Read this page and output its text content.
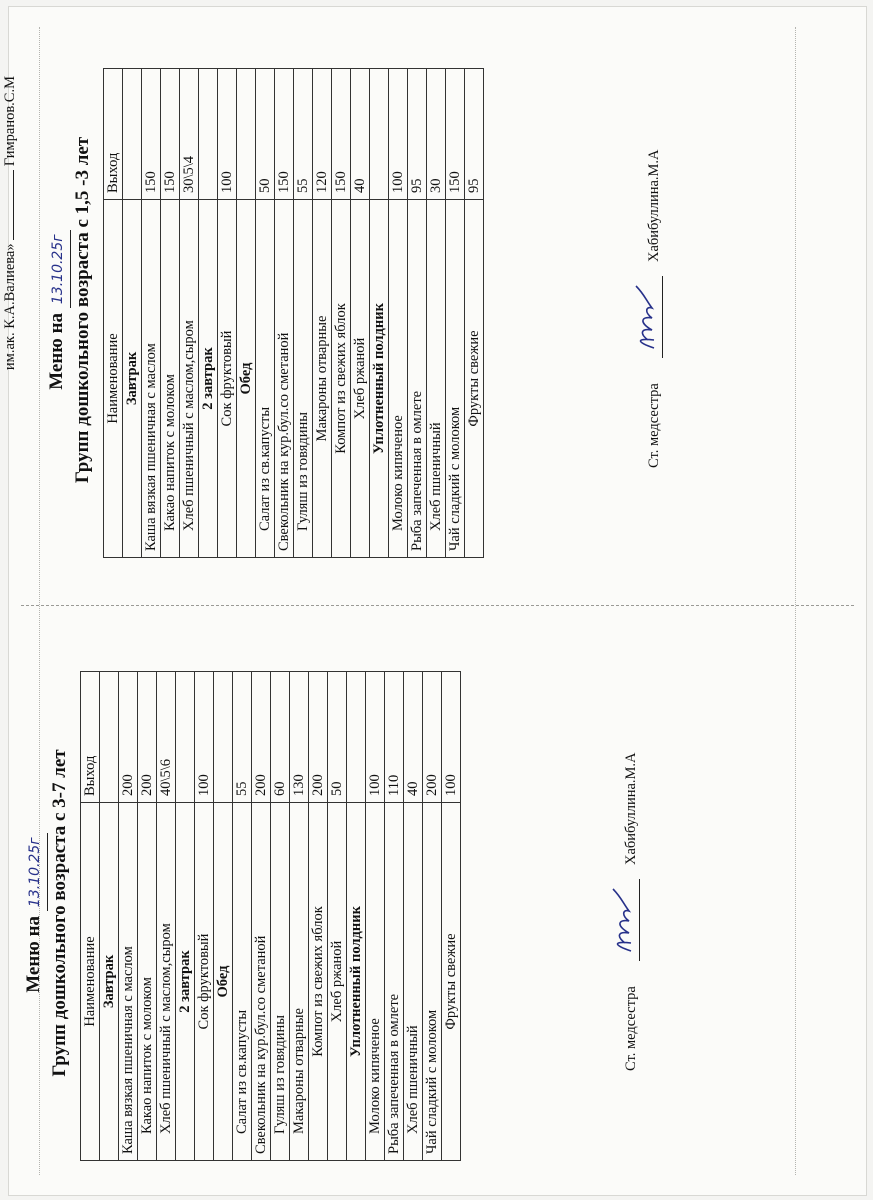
им.ак. К.А.Валиева»  Гимранов.С.М
Меню на 13.10.25г Групп дошкольного возраста с 1,5 -3 лет Наименование	Выход
Завтрак	
Каша вязкая пшеничная с маслом	150
Какао напиток с молоком	150
Хлеб пшеничный с маслом,сыром	30\5\4
2 завтрак	
Сок фруктовый	100
Обед	
Салат из св.капусты	50
Свекольник на кур.бул.со сметаной	150
Гуляш из говядины	55
Макароны отварные	120
Компот из свежих яблок	150
Хлеб ржаной	40
Уплотненный полдник	
Молоко кипяченое	100
Рыба запеченная в омлете	95
Хлеб пшеничный	30
Чай сладкий с молоком	150
Фрукты свежие	95
Ст. медсестра
Хабибуллина.М.А
Меню на 13.10.25г Групп дошкольного возраста с 3-7 лет Наименование	Выход
Завтрак	
Каша вязкая пшеничная с маслом	200
Какао напиток с молоком	200
Хлеб пшеничный с маслом,сыром	40\5\6
2 завтрак	
Сок фруктовый	100
Обед	
Салат из св.капусты	55
Свекольник на кур.бул.со сметаной	200
Гуляш из говядины	60
Макароны отварные	130
Компот из свежих яблок	200
Хлеб ржаной	50
Уплотненный полдник	
Молоко кипяченое	100
Рыба запеченная в омлете	110
Хлеб пшеничный	40
Чай сладкий с молоком	200
Фрукты свежие	100
Ст. медсестра
Хабибуллина.М.А
